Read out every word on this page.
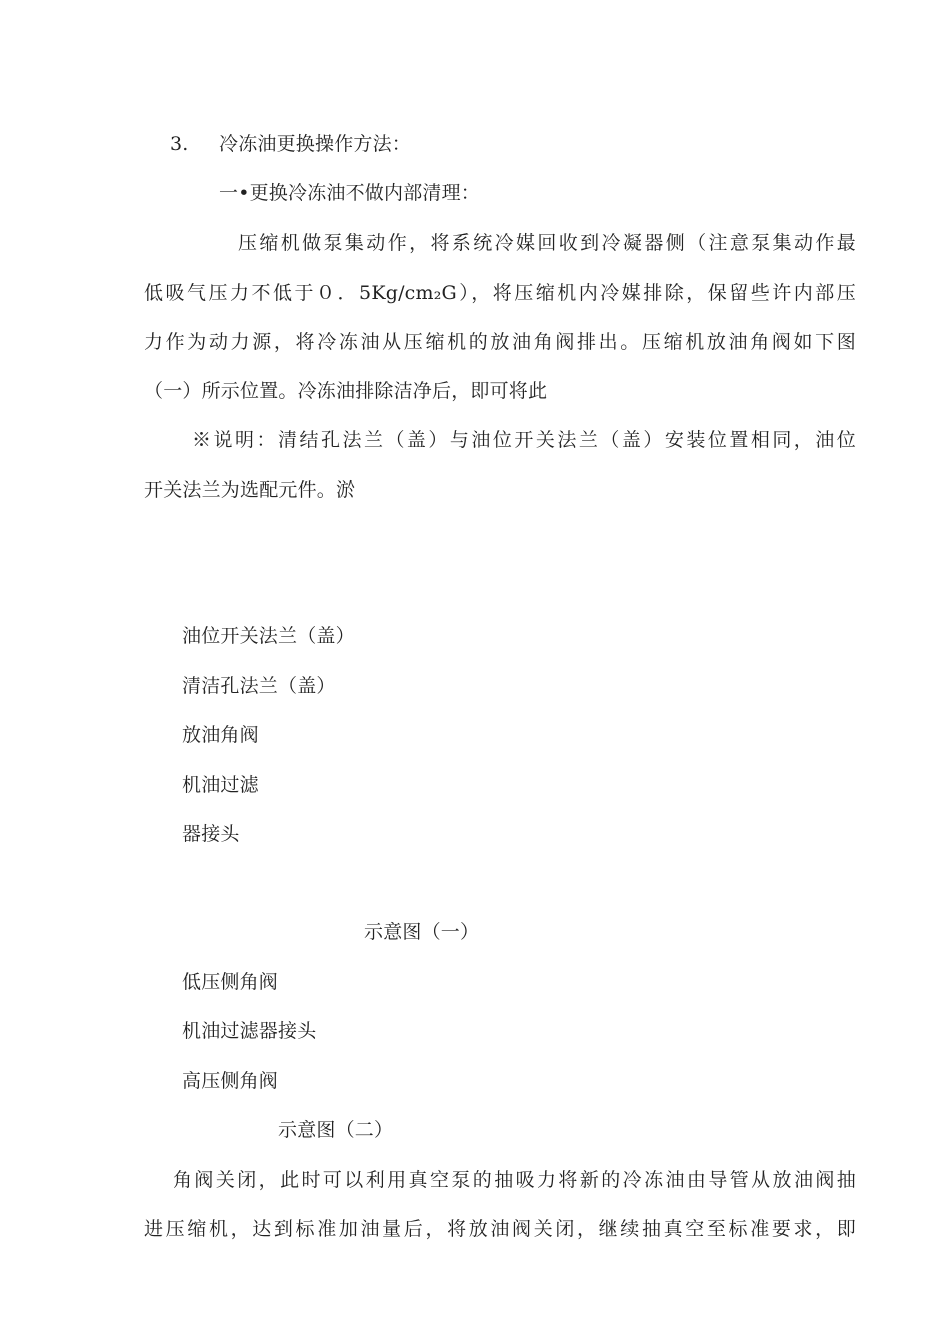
3. 冷冻油更换操作方法：
一•更换冷冻油不做内部清理：
压缩机做泵集动作，将系统冷媒回收到冷凝器侧（注意泵集动作最
低吸气压力不低于０．5Kg/cm₂G），将压缩机内冷媒排除，保留些许内部压
力作为动力源，将冷冻油从压缩机的放油角阀排出。压缩机放油角阀如下图
（一）所示位置。冷冻油排除洁净后，即可将此
※说明：清结孔法兰（盖）与油位开关法兰（盖）安装位置相同，油位
开关法兰为选配元件。淤
油位开关法兰（盖）
清洁孔法兰（盖）
放油角阀
机油过滤
器接头
示意图（一）
低压侧角阀
机油过滤器接头
高压侧角阀
示意图（二）
角阀关闭，此时可以利用真空泵的抽吸力将新的冷冻油由导管从放油阀抽
进压缩机，达到标准加油量后，将放油阀关闭，继续抽真空至标准要求，即
